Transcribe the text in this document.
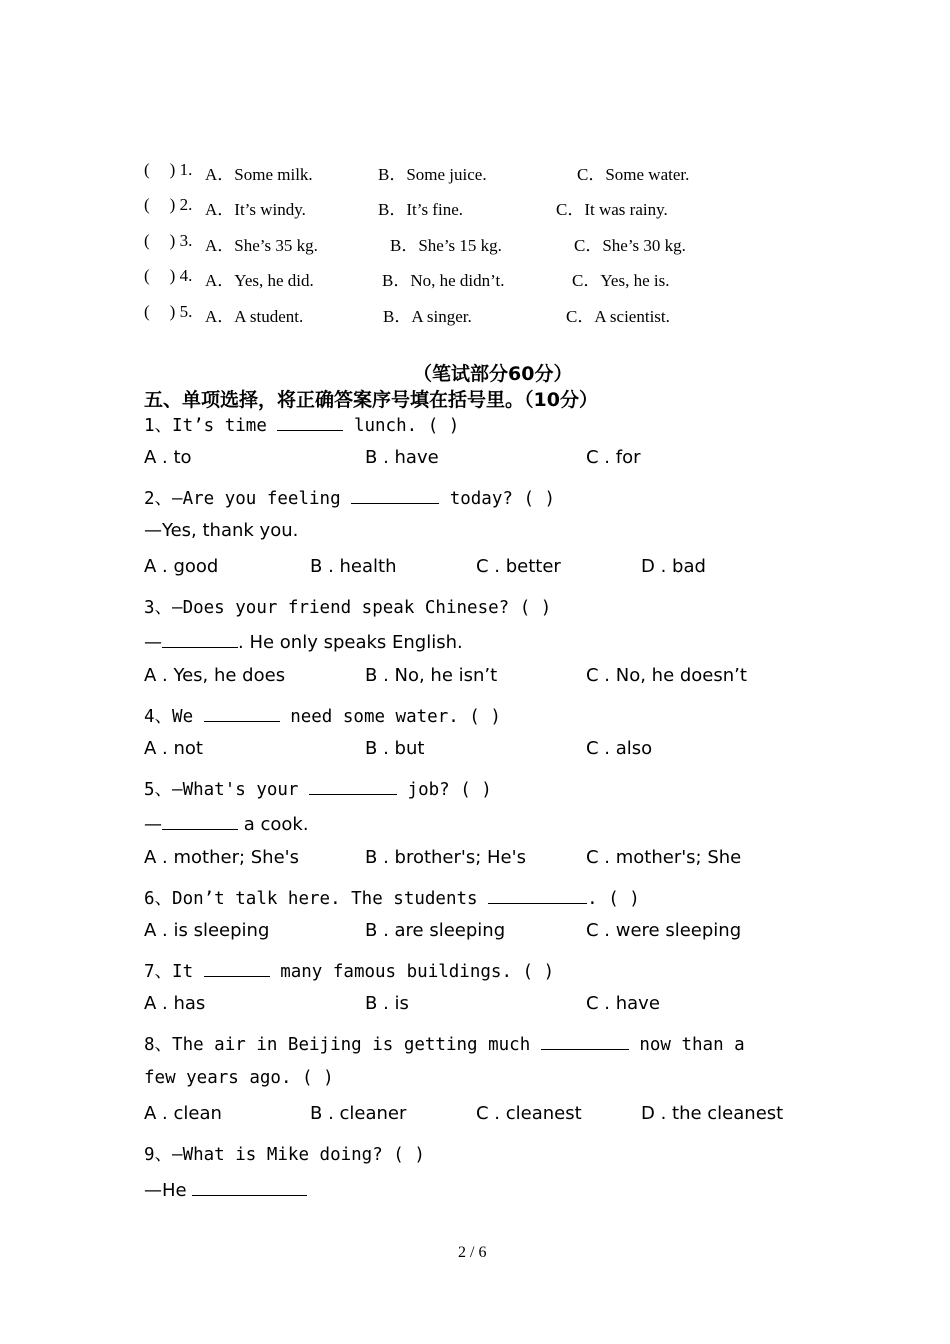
( ) 1. A．Some milk.	B．Some juice.	C．Some water.
( ) 2. A．It’s windy.	B．It’s fine.	C．It was rainy.
( ) 3. A．She’s 35 kg.	B．She’s 15 kg.	C．She’s 30 kg.
( ) 4. A．Yes, he did.	B．No, he didn’t.	C．Yes, he is.
( ) 5. A．A student.	B．A singer.	C．A scientist.
（笔试部分60分）
五、单项选择，将正确答案序号填在括号里。（10分）
1、It’s time	lunch. ( )
A . to	B . have	C . for
2、—Are you feeling	today? ( )
—Yes, thank you.
A . good	B . health	C . better	D . bad
3、—Does your friend speak Chinese? ( )
—	. He only speaks English.
A . Yes, he does	B . No, he isn’t	C . No, he doesn’t
4、We	need some water. ( )
A . not	B . but	C . also
5、—What's your	job? ( )
—	a cook.
A . mother; She's	B . brother's; He's	C . mother's; She
6、Don’t talk here. The students	. ( )
A . is sleeping	B . are sleeping	C . were sleeping
7、It	many famous buildings. ( )
A . has	B . is	C . have
8、The air in Beijing is getting much	now than a
few years ago. ( )
A . clean	B . cleaner	C . cleanest	D . the cleanest
9、—What is Mike doing? ( )
—He
2 / 6
